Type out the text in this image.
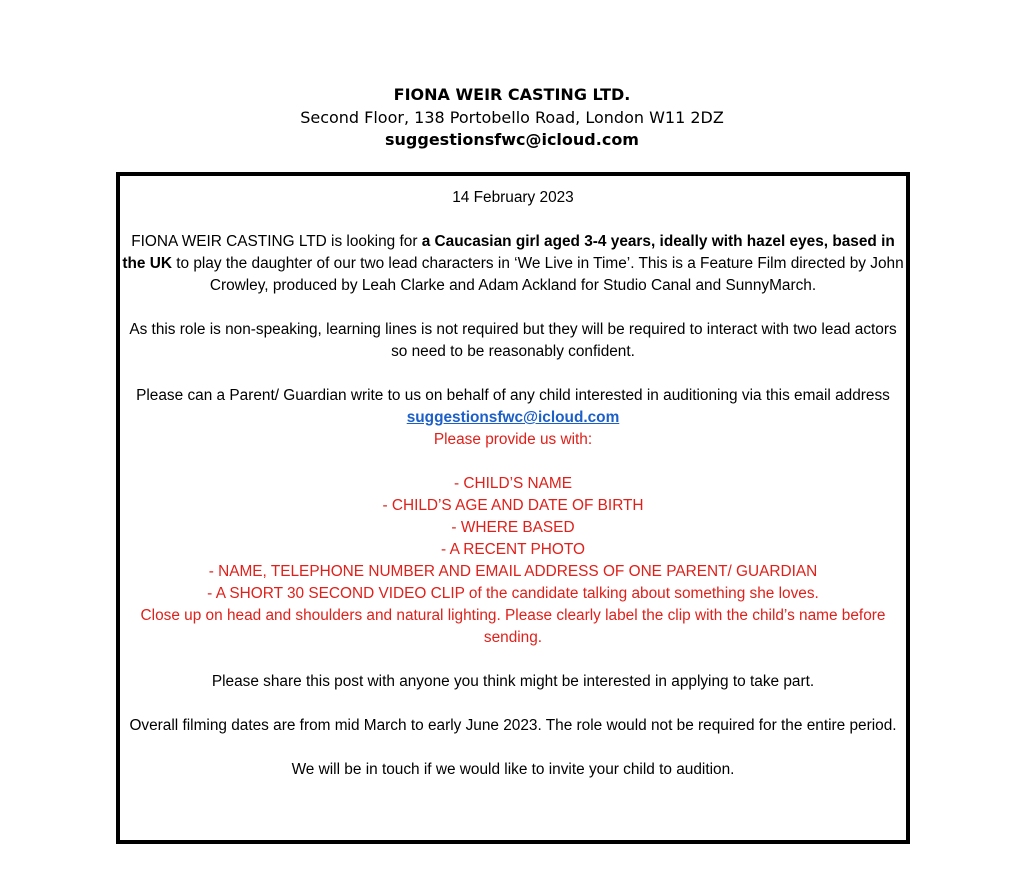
FIONA WEIR CASTING LTD.
Second Floor, 138 Portobello Road, London W11 2DZ
suggestionsfwc@icloud.com

14 February 2023

FIONA WEIR CASTING LTD is looking for a Caucasian girl aged 3-4 years, ideally with hazel eyes, based in the UK to play the daughter of our two lead characters in ‘We Live in Time’. This is a Feature Film directed by John Crowley, produced by Leah Clarke and Adam Ackland for Studio Canal and SunnyMarch.

As this role is non-speaking, learning lines is not required but they will be required to interact with two lead actors so need to be reasonably confident.

Please can a Parent/ Guardian write to us on behalf of any child interested in auditioning via this email address suggestionsfwc@icloud.com

Please provide us with:

- CHILD’S NAME

- CHILD’S AGE AND DATE OF BIRTH

- WHERE BASED

- A RECENT PHOTO

- NAME, TELEPHONE NUMBER AND EMAIL ADDRESS OF ONE PARENT/ GUARDIAN

- A SHORT 30 SECOND VIDEO CLIP of the candidate talking about something she loves.

Close up on head and shoulders and natural lighting. Please clearly label the clip with the child’s name before sending.

Please share this post with anyone you think might be interested in applying to take part.

Overall filming dates are from mid March to early June 2023. The role would not be required for the entire period.

We will be in touch if we would like to invite your child to audition.
